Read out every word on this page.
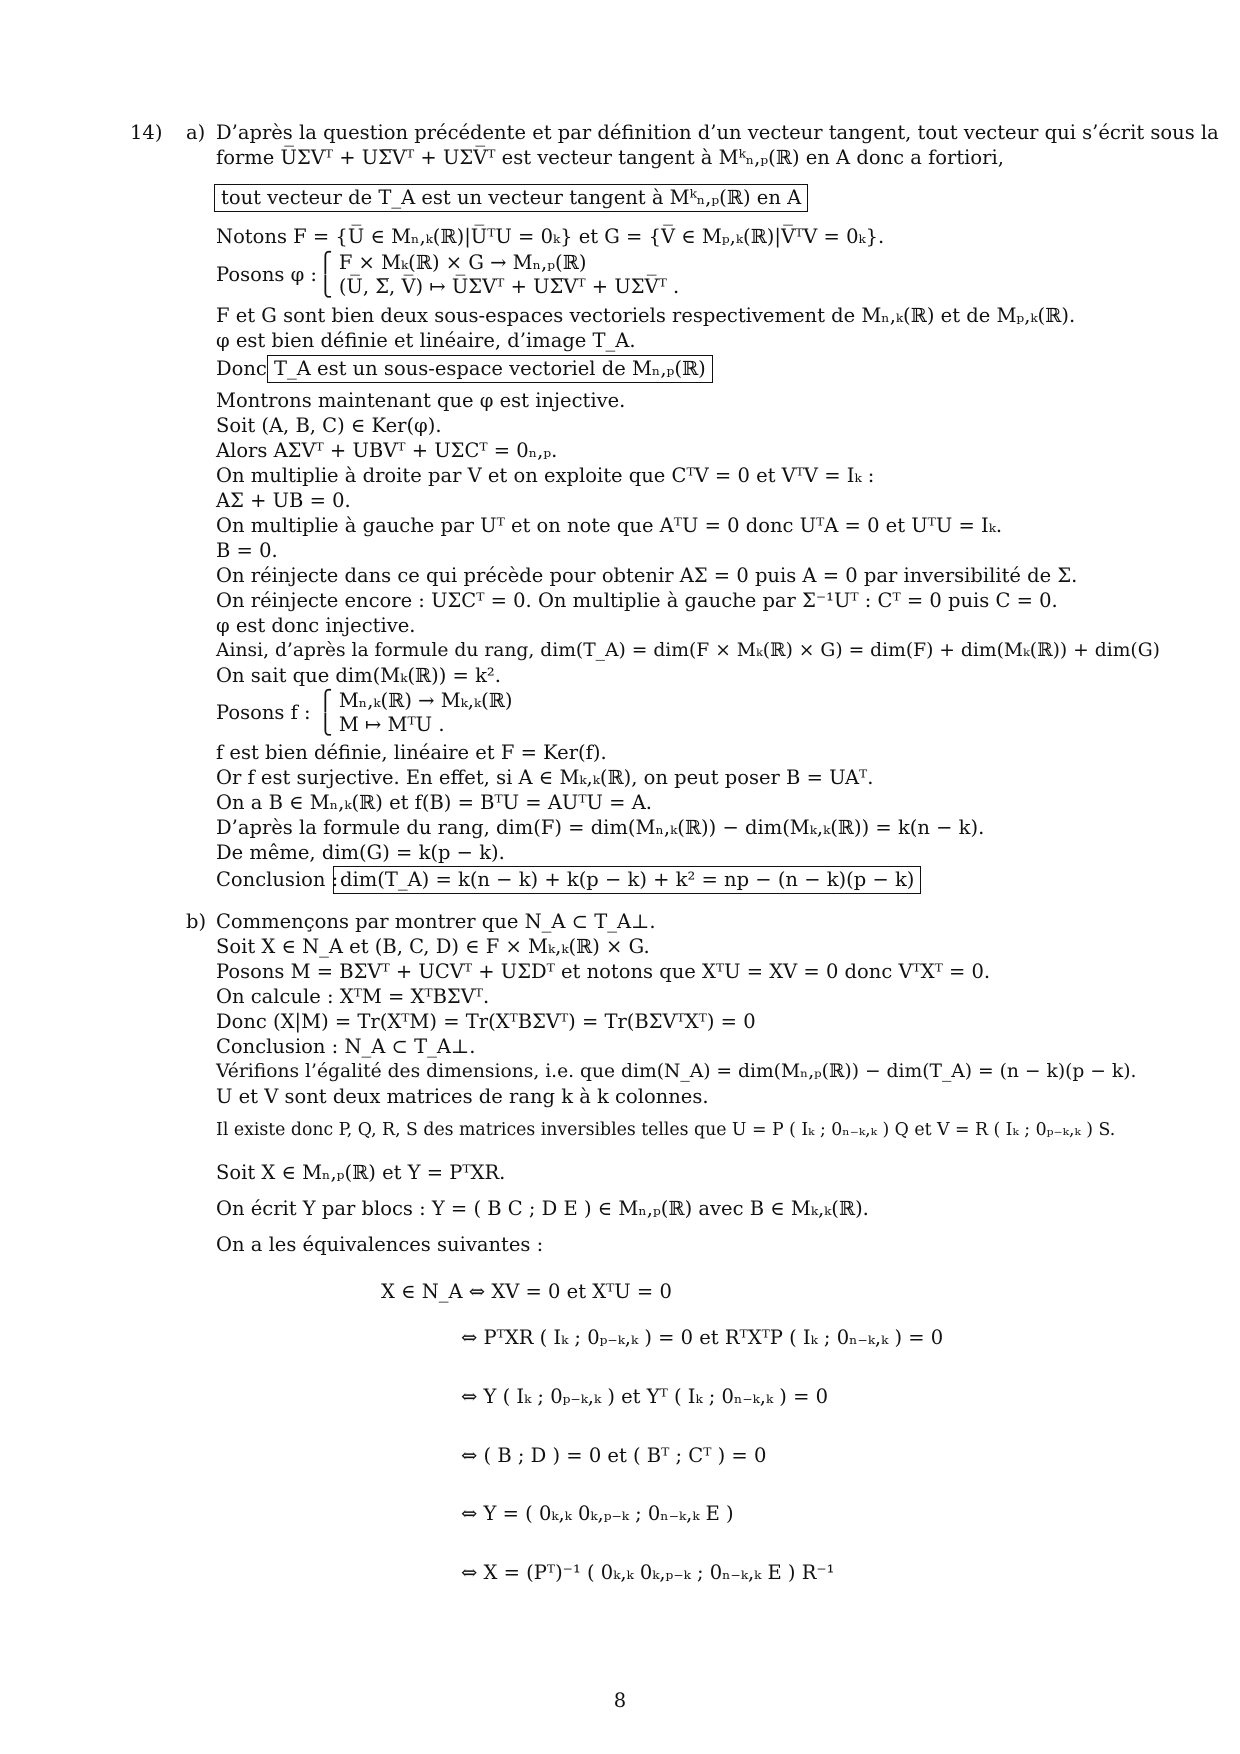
14) a) D’après la question précédente et par définition d’un vecteur tangent, tout vecteur qui s’écrit sous la
forme U̅ΣVᵀ + UΣ̅Vᵀ + UΣV̅ᵀ est vecteur tangent à Mᵏₙ,ₚ(ℝ) en A donc a fortiori,
tout vecteur de T_A est un vecteur tangent à Mᵏₙ,ₚ(ℝ) en A
Notons F = {U̅ ∈ Mₙ,ₖ(ℝ)|U̅ᵀU = 0ₖ} et G = {V̅ ∈ Mₚ,ₖ(ℝ)|V̅ᵀV = 0ₖ}.
⎧ F × Mₖ(ℝ) × G → Mₙ,ₚ(ℝ)
Posons φ :
⎩ (U̅, Σ̅, V̅) ↦ U̅ΣVᵀ + UΣ̅Vᵀ + UΣV̅ᵀ .
F et G sont bien deux sous-espaces vectoriels respectivement de Mₙ,ₖ(ℝ) et de Mₚ,ₖ(ℝ).
φ est bien définie et linéaire, d’image T_A.
Donc T_A est un sous-espace vectoriel de Mₙ,ₚ(ℝ)
Montrons maintenant que φ est injective.
Soit (A, B, C) ∈ Ker(φ).
Alors AΣVᵀ + UBVᵀ + UΣCᵀ = 0ₙ,ₚ.
On multiplie à droite par V et on exploite que CᵀV = 0 et VᵀV = Iₖ :
AΣ + UB = 0.
On multiplie à gauche par Uᵀ et on note que AᵀU = 0 donc UᵀA = 0 et UᵀU = Iₖ.
B = 0.
On réinjecte dans ce qui précède pour obtenir AΣ = 0 puis A = 0 par inversibilité de Σ.
On réinjecte encore : UΣCᵀ = 0. On multiplie à gauche par Σ⁻¹Uᵀ : Cᵀ = 0 puis C = 0.
φ est donc injective.
Ainsi, d’après la formule du rang, dim(T_A) = dim(F × Mₖ(ℝ) × G) = dim(F) + dim(Mₖ(ℝ)) + dim(G)
On sait que dim(Mₖ(ℝ)) = k².
⎧ Mₙ,ₖ(ℝ) → Mₖ,ₖ(ℝ)
Posons f :
⎩ M ↦ MᵀU .
f est bien définie, linéaire et F = Ker(f).
Or f est surjective. En effet, si A ∈ Mₖ,ₖ(ℝ), on peut poser B = UAᵀ.
On a B ∈ Mₙ,ₖ(ℝ) et f(B) = BᵀU = AUᵀU = A.
D’après la formule du rang, dim(F) = dim(Mₙ,ₖ(ℝ)) − dim(Mₖ,ₖ(ℝ)) = k(n − k).
De même, dim(G) = k(p − k).
Conclusion : dim(T_A) = k(n − k) + k(p − k) + k² = np − (n − k)(p − k)
b) Commençons par montrer que N_A ⊂ T_A⊥.
Soit X ∈ N_A et (B, C, D) ∈ F × Mₖ,ₖ(ℝ) × G.
Posons M = BΣVᵀ + UCVᵀ + UΣDᵀ et notons que XᵀU = XV = 0 donc VᵀXᵀ = 0.
On calcule : XᵀM = XᵀBΣVᵀ.
Donc (X|M) = Tr(XᵀM) = Tr(XᵀBΣVᵀ) = Tr(BΣVᵀXᵀ) = 0
Conclusion : N_A ⊂ T_A⊥.
Vérifions l’égalité des dimensions, i.e. que dim(N_A) = dim(Mₙ,ₚ(ℝ)) − dim(T_A) = (n − k)(p − k).
U et V sont deux matrices de rang k à k colonnes.
Il existe donc P, Q, R, S des matrices inversibles telles que U = P ( Iₖ ; 0ₙ₋ₖ,ₖ ) Q et V = R ( Iₖ ; 0ₚ₋ₖ,ₖ ) S.
Soit X ∈ Mₙ,ₚ(ℝ) et Y = PᵀXR.
On écrit Y par blocs : Y = ( B C ; D E ) ∈ Mₙ,ₚ(ℝ) avec B ∈ Mₖ,ₖ(ℝ).
On a les équivalences suivantes :
X ∈ N_A ⇔ XV = 0 et XᵀU = 0
⇔ PᵀXR ( Iₖ ; 0ₚ₋ₖ,ₖ ) = 0 et RᵀXᵀP ( Iₖ ; 0ₙ₋ₖ,ₖ ) = 0
⇔ Y ( Iₖ ; 0ₚ₋ₖ,ₖ ) et Yᵀ ( Iₖ ; 0ₙ₋ₖ,ₖ ) = 0
⇔ ( B ; D ) = 0 et ( Bᵀ ; Cᵀ ) = 0
⇔ Y = ( 0ₖ,ₖ 0ₖ,ₚ₋ₖ ; 0ₙ₋ₖ,ₖ E )
⇔ X = (Pᵀ)⁻¹ ( 0ₖ,ₖ 0ₖ,ₚ₋ₖ ; 0ₙ₋ₖ,ₖ E ) R⁻¹
8
